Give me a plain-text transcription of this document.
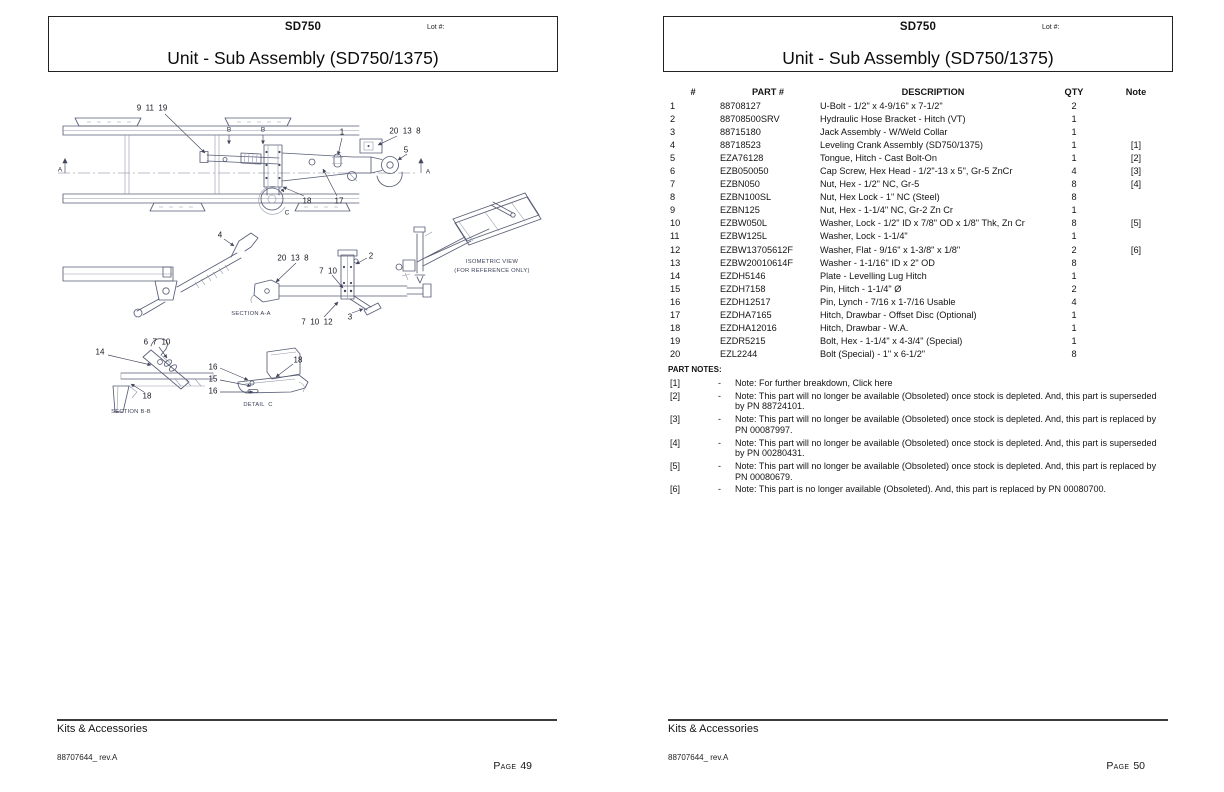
SD750	Lot #:
Unit - Sub Assembly (SD750/1375)
9  11  19
1	20  13  8
5
18	17
A	A
B	B
C
4
20  13  8
7  10
2
7  10  12
3
SECTION A-A
14
6  7  10
18
SECTION B-B
16
15
16
18
DETAIL  C
ISOMETRIC VIEW
(FOR REFERENCE ONLY)
Kits & Accessories
88707644_ rev.A
Page 49
SD750	Lot #:
Unit - Sub Assembly (SD750/1375)
#	PART #	DESCRIPTION	QTY	Note
1	88708127	U-Bolt - 1/2" x 4-9/16" x 7-1/2"	2
2	88708500SRV	Hydraulic Hose Bracket - Hitch (VT)	1
3	88715180	Jack Assembly - W/Weld Collar	1
4	88718523	Leveling Crank Assembly (SD750/1375)	1	[1]
5	EZA76128	Tongue, Hitch - Cast Bolt-On	1	[2]
6	EZB050050	Cap Screw, Hex Head - 1/2"-13 x 5", Gr-5 ZnCr	4	[3]
7	EZBN050	Nut, Hex - 1/2" NC, Gr-5	8	[4]
8	EZBN100SL	Nut, Hex Lock - 1" NC (Steel)	8
9	EZBN125	Nut, Hex - 1-1/4" NC, Gr-2 Zn Cr	1
10	EZBW050L	Washer, Lock - 1/2" ID x 7/8" OD x 1/8" Thk, Zn Cr	8	[5]
11	EZBW125L	Washer, Lock - 1-1/4"	1
12	EZBW13705612F	Washer, Flat - 9/16" x 1-3/8" x 1/8"	2	[6]
13	EZBW20010614F	Washer - 1-1/16" ID x 2" OD	8
14	EZDH5146	Plate - Levelling Lug Hitch	1
15	EZDH7158	Pin, Hitch - 1-1/4" Ø	2
16	EZDH12517	Pin, Lynch - 7/16 x 1-7/16 Usable	4
17	EZDHA7165	Hitch, Drawbar - Offset Disc (Optional)	1
18	EZDHA12016	Hitch, Drawbar - W.A.	1
19	EZDR5215	Bolt, Hex - 1-1/4" x 4-3/4" (Special)	1
20	EZL2244	Bolt (Special) - 1" x 6-1/2"	8
PART NOTES:
[1]	-	Note: For further breakdown, Click here
[2]	-	Note: This part will no longer be available (Obsoleted) once stock is depleted. And, this part is superseded by PN 88724101.
[3]	-	Note: This part will no longer be available (Obsoleted) once stock is depleted. And, this part is replaced by PN 00087997.
[4]	-	Note: This part will no longer be available (Obsoleted) once stock is depleted. And, this part is superseded by PN 00280431.
[5]	-	Note: This part will no longer be available (Obsoleted) once stock is depleted. And, this part is replaced by PN 00080679.
[6]	-	Note: This part is no longer available (Obsoleted). And, this part is replaced by PN 00080700.
Kits & Accessories
88707644_ rev.A
Page 50
